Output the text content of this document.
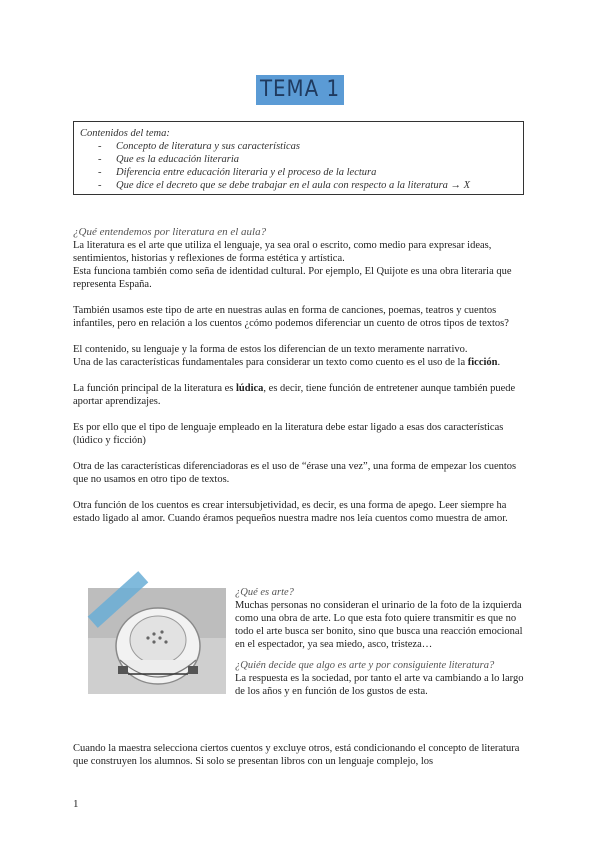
TEMA 1
Contenidos del tema:
- Concepto de literatura y sus características
- Que es la educación literaria
- Diferencia entre educación literaria y el proceso de la lectura
- Que dice el decreto que se debe trabajar en el aula con respecto a la literatura → X
¿Qué entendemos por literatura en el aula?

La literatura es el arte que utiliza el lenguaje, ya sea oral o escrito, como medio para expresar ideas, sentimientos, historias y reflexiones de forma estética y artística.

Esta funciona también como seña de identidad cultural. Por ejemplo, El Quijote es una obra literaria que representa España.

También usamos este tipo de arte en nuestras aulas en forma de canciones, poemas, teatros y cuentos infantiles, pero en relación a los cuentos ¿cómo podemos diferenciar un cuento de otros tipos de textos?

El contenido, su lenguaje y la forma de estos los diferencian de un texto meramente narrativo.

Una de las características fundamentales para considerar un texto como cuento es el uso de la ficción.

La función principal de la literatura es lúdica, es decir, tiene función de entretener aunque también puede aportar aprendizajes.

Es por ello que el tipo de lenguaje empleado en la literatura debe estar ligado a esas dos características (lúdico y ficción)

Otra de las características diferenciadoras es el uso de “érase una vez”, una forma de empezar los cuentos que no usamos en otro tipo de textos.

Otra función de los cuentos es crear intersubjetividad, es decir, es una forma de apego. Leer siempre ha estado ligado al amor. Cuando éramos pequeños nuestra madre nos leía cuentos como muestra de amor.

¿Qué es arte?

Muchas personas no consideran el urinario de la foto de la izquierda como una obra de arte. Lo que esta foto quiere transmitir es que no todo el arte busca ser bonito, sino que busca una reacción emocional en el espectador, ya sea miedo, asco, tristeza…

¿Quién decide que algo es arte y por consiguiente literatura?

La respuesta es la sociedad, por tanto el arte va cambiando a lo largo de los años y en función de los gustos de esta.

Cuando la maestra selecciona ciertos cuentos y excluye otros, está condicionando el concepto de literatura que construyen los alumnos. Si solo se presentan libros con un lenguaje complejo, los
1
